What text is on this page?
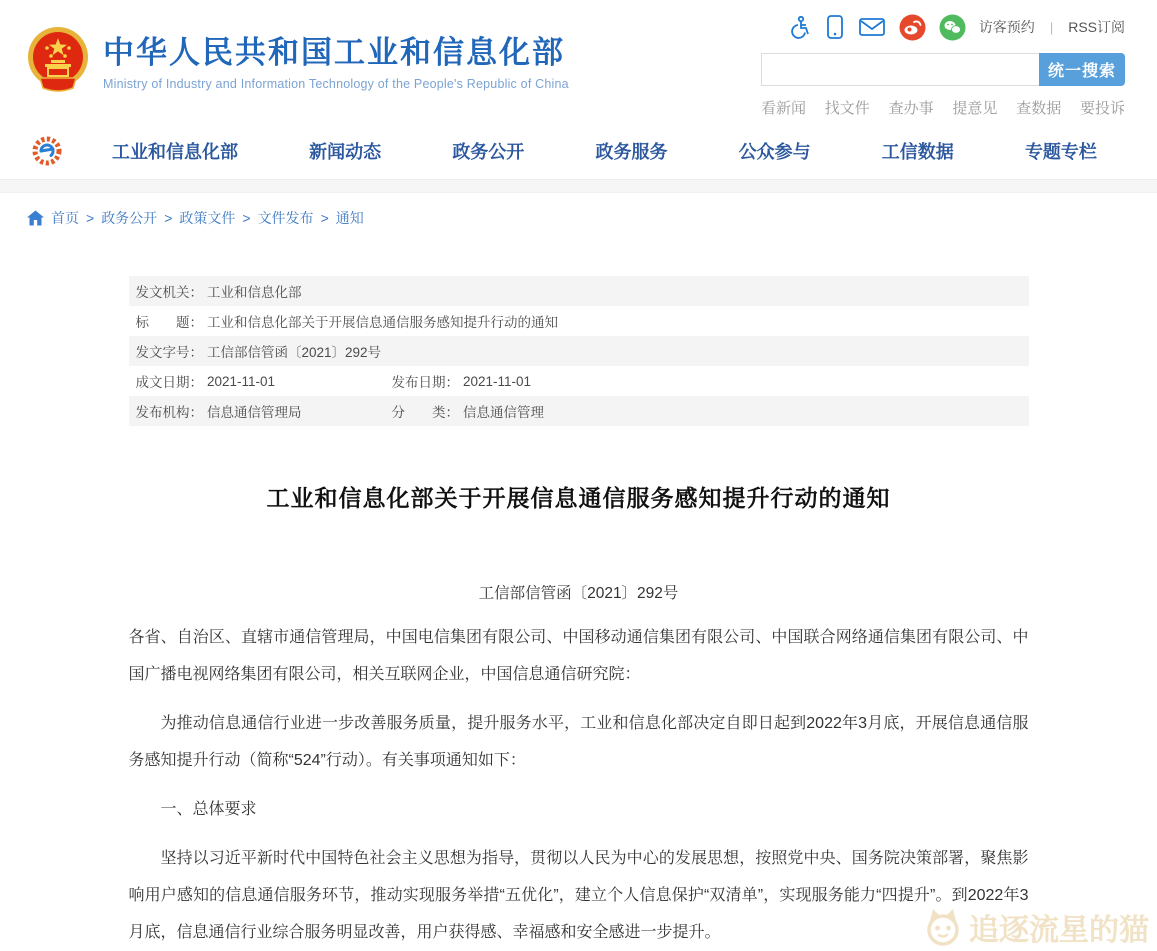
中华人民共和国工业和信息化部
Ministry of Industry and Information Technology of the People's Republic of China
访客预约 | RSS订阅
统一搜索
看新闻 找文件 查办事 提意见 查数据 要投诉
工业和信息化部	新闻动态	政务公开	政务服务	公众参与	工信数据	专题专栏
首页 > 政务公开 > 政策文件 > 文件发布 > 通知
发文机关： 工业和信息化部
标　　题： 工业和信息化部关于开展信息通信服务感知提升行动的通知
发文字号： 工信部信管函〔2021〕292号
成文日期： 2021-11-01	发布日期： 2021-11-01
发布机构： 信息通信管理局	分　　类： 信息通信管理
工业和信息化部关于开展信息通信服务感知提升行动的通知
工信部信管函〔2021〕292号

各省、自治区、直辖市通信管理局，中国电信集团有限公司、中国移动通信集团有限公司、中国联合网络通信集团有限公司、中国广播电视网络集团有限公司，相关互联网企业，中国信息通信研究院：

为推动信息通信行业进一步改善服务质量，提升服务水平，工业和信息化部决定自即日起到2022年3月底，开展信息通信服务感知提升行动（简称“524”行动）。有关事项通知如下：

一、总体要求

坚持以习近平新时代中国特色社会主义思想为指导，贯彻以人民为中心的发展思想，按照党中央、国务院决策部署，聚焦影响用户感知的信息通信服务环节，推动实现服务举措“五优化”，建立个人信息保护“双清单”，实现服务能力“四提升”。到2022年3月底，信息通信行业综合服务明显改善，用户获得感、幸福感和安全感进一步提升。	追逐流星的猫
